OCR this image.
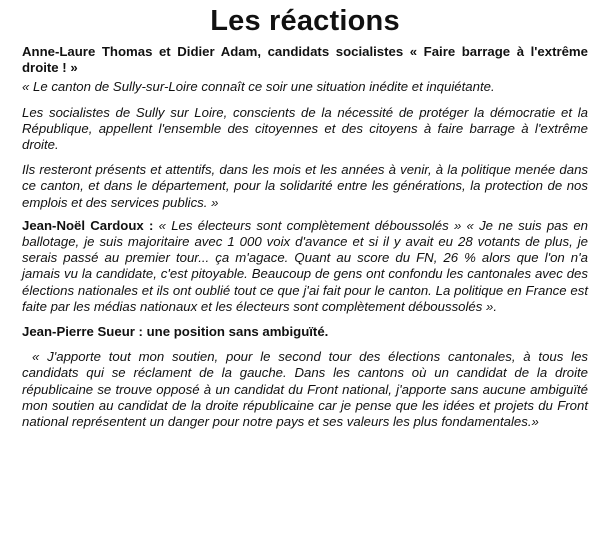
Les réactions

Anne-Laure Thomas et Didier Adam, candidats socialistes « Faire barrage à l'extrême droite ! »

« Le canton de Sully-sur-Loire connaît ce soir une situation inédite et inquiétante.

Les socialistes de Sully sur Loire, conscients de la nécessité de protéger la démocratie et la République, appellent l'ensemble des citoyennes et des citoyens à faire barrage à l'extrême droite.

Ils resteront présents et attentifs, dans les mois et les années à venir, à la politique menée dans ce canton, et dans le département, pour la solidarité entre les générations, la protection de nos emplois et des services publics. »

Jean-Noël Cardoux : « Les électeurs sont complètement déboussolés » « Je ne suis pas en ballotage, je suis majoritaire avec 1 000 voix d'avance et si il y avait eu 28 votants de plus, je serais passé au premier tour... ça m'agace. Quant au score du FN, 26 % alors que l'on n'a jamais vu la candidate, c'est pitoyable. Beaucoup de gens ont confondu les cantonales avec des élections nationales et ils ont oublié tout ce que j'ai fait pour le canton. La politique en France est faite par les médias nationaux et les électeurs sont complètement déboussolés ».

Jean-Pierre Sueur : une position sans ambiguïté.

« J'apporte tout mon soutien, pour le second tour des élections cantonales, à tous les candidats qui se réclament de la gauche. Dans les cantons où un candidat de la droite républicaine se trouve opposé à un candidat du Front national, j'apporte sans aucune ambiguïté mon soutien au candidat de la droite républicaine car je pense que les idées et projets du Front national représentent un danger pour notre pays et ses valeurs les plus fondamentales.»
